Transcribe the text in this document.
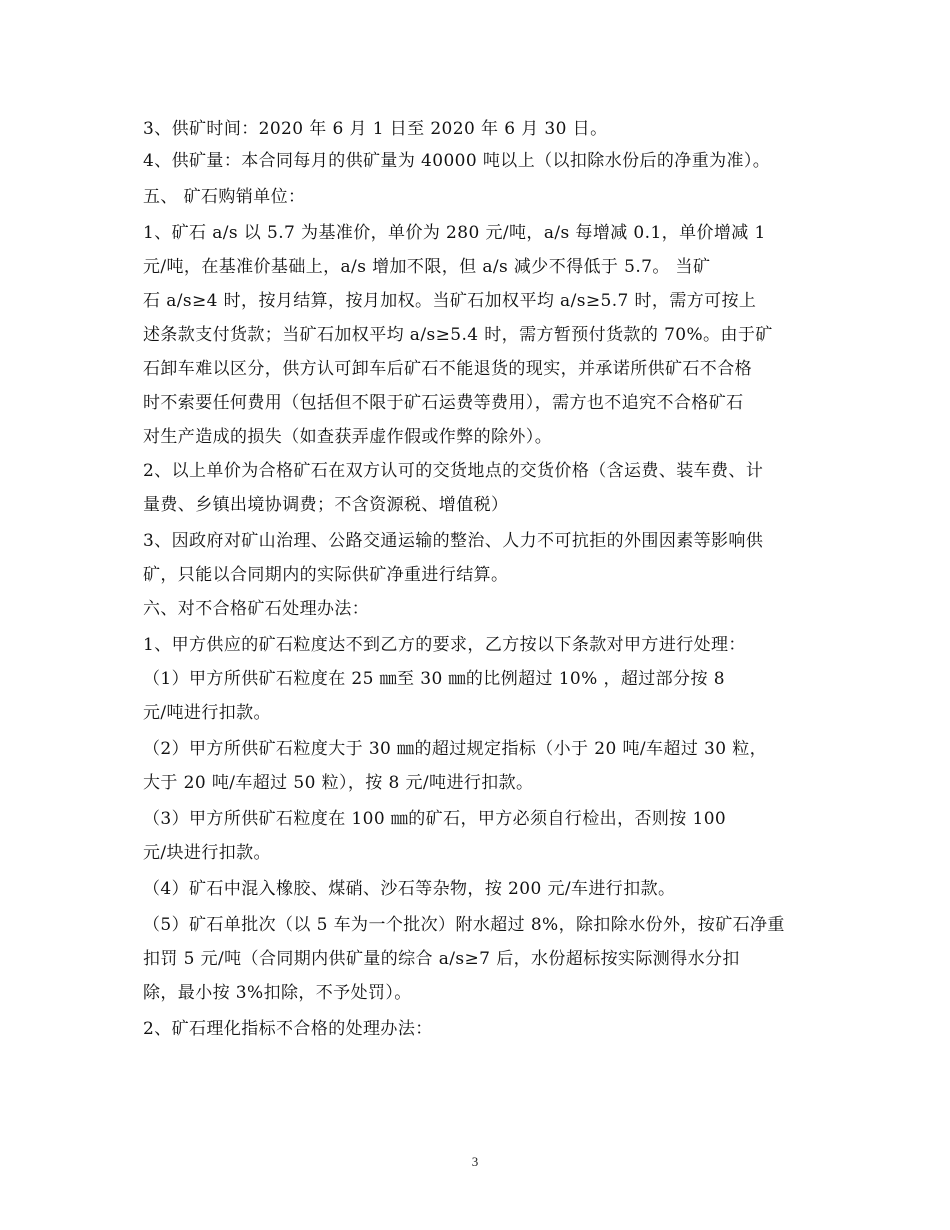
3、供矿时间：2020 年 6 月 1 日至 2020 年 6 月 30 日。
4、供矿量：本合同每月的供矿量为 40000 吨以上（以扣除水份后的净重为准）。
五、 矿石购销单位：
1、矿石 a/s 以 5.7 为基准价，单价为 280 元/吨，a/s 每增减 0.1，单价增减 1
元/吨，在基准价基础上，a/s 增加不限，但 a/s 减少不得低于 5.7。 当矿
石 a/s≥4 时，按月结算，按月加权。当矿石加权平均 a/s≥5.7 时，需方可按上
述条款支付货款；当矿石加权平均 a/s≥5.4 时，需方暂预付货款的 70%。由于矿
石卸车难以区分，供方认可卸车后矿石不能退货的现实，并承诺所供矿石不合格
时不索要任何费用（包括但不限于矿石运费等费用），需方也不追究不合格矿石
对生产造成的损失（如查获弄虚作假或作弊的除外）。
2、以上单价为合格矿石在双方认可的交货地点的交货价格（含运费、装车费、计
量费、乡镇出境协调费；不含资源税、增值税）
3、因政府对矿山治理、公路交通运输的整治、人力不可抗拒的外围因素等影响供
矿，只能以合同期内的实际供矿净重进行结算。
六、对不合格矿石处理办法：
1、甲方供应的矿石粒度达不到乙方的要求，乙方按以下条款对甲方进行处理：
（1）甲方所供矿石粒度在 25 ㎜至 30 ㎜的比例超过 10% ，超过部分按 8
元/吨进行扣款。
（2）甲方所供矿石粒度大于 30 ㎜的超过规定指标（小于 20 吨/车超过 30 粒，
大于 20 吨/车超过 50 粒），按 8 元/吨进行扣款。
（3）甲方所供矿石粒度在 100 ㎜的矿石，甲方必须自行检出，否则按 100
元/块进行扣款。
（4）矿石中混入橡胶、煤硝、沙石等杂物，按 200 元/车进行扣款。
（5）矿石单批次（以 5 车为一个批次）附水超过 8%，除扣除水份外，按矿石净重
扣罚 5 元/吨（合同期内供矿量的综合 a/s≥7 后，水份超标按实际测得水分扣
除，最小按 3%扣除，不予处罚）。
2、矿石理化指标不合格的处理办法：
3
